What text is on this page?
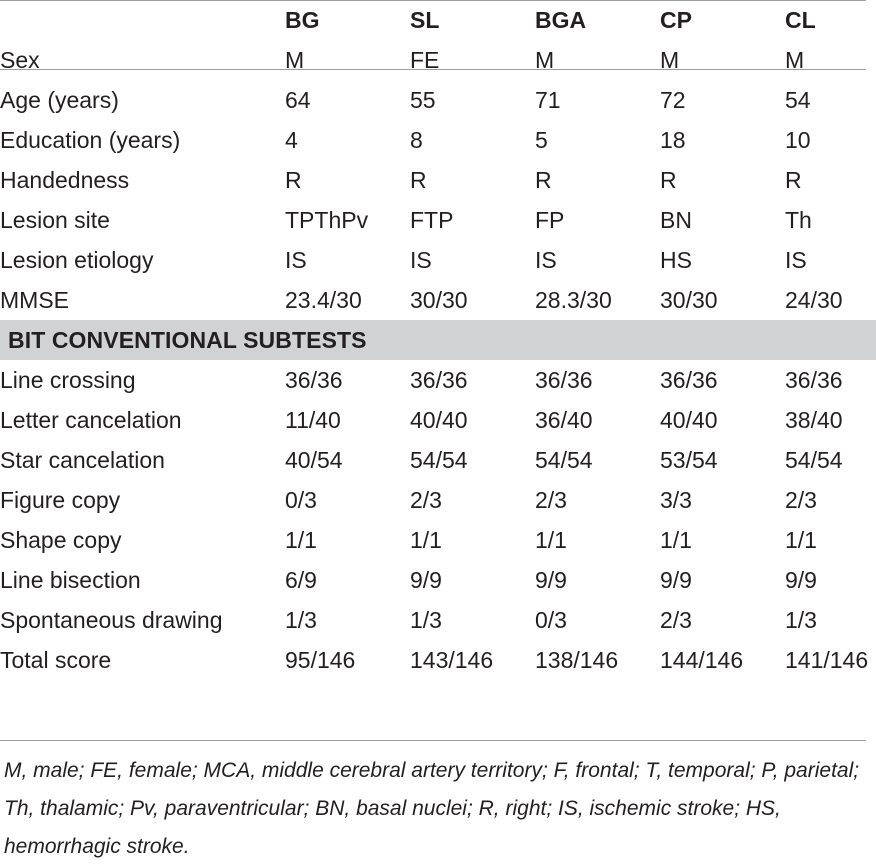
	BG	SL	BGA	CP	CL
Sex	M	FE	M	M	M
Age (years)	64	55	71	72	54
Education (years)	4	8	5	18	10
Handedness	R	R	R	R	R
Lesion site	TPThPv	FTP	FP	BN	Th
Lesion etiology	IS	IS	IS	HS	IS
MMSE	23.4/30	30/30	28.3/30	30/30	24/30
BIT CONVENTIONAL SUBTESTS					
Line crossing	36/36	36/36	36/36	36/36	36/36
Letter cancelation	11/40	40/40	36/40	40/40	38/40
Star cancelation	40/54	54/54	54/54	53/54	54/54
Figure copy	0/3	2/3	2/3	3/3	2/3
Shape copy	1/1	1/1	1/1	1/1	1/1
Line bisection	6/9	9/9	9/9	9/9	9/9
Spontaneous drawing	1/3	1/3	0/3	2/3	1/3
Total score	95/146	143/146	138/146	144/146	141/146
M, male; FE, female; MCA, middle cerebral artery territory; F, frontal; T, temporal; P, parietal; Th, thalamic; Pv, paraventricular; BN, basal nuclei; R, right; IS, ischemic stroke; HS, hemorrhagic stroke.
